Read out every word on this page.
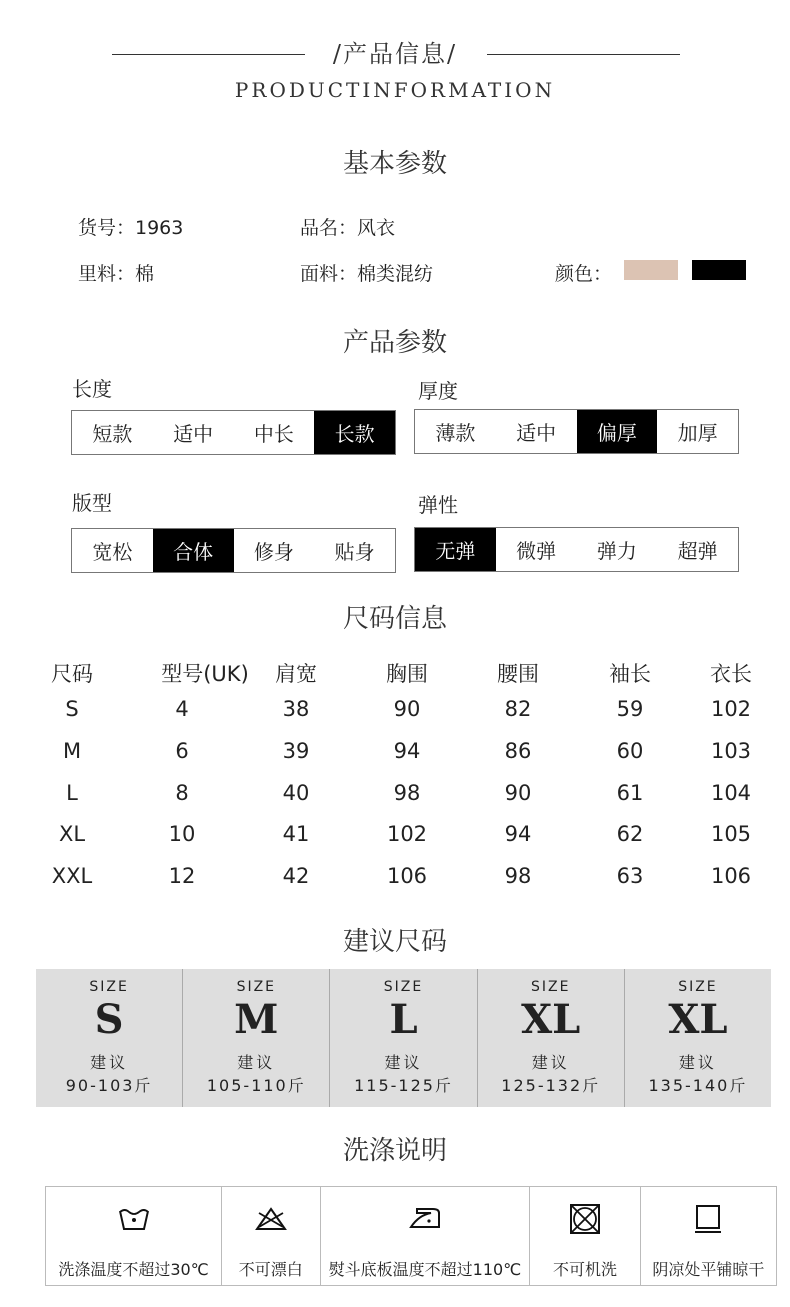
/产品信息/
PRODUCTINFORMATION
基本参数
货号：1963	品名：风衣
里料：棉	面料：棉类混纺	颜色：
产品参数
长度
短款	适中	中长	长款
厚度
薄款	适中	偏厚	加厚
版型
宽松	合体	修身	贴身
弹性
无弹	微弹	弹力	超弹
尺码信息
尺码	型号(UK)	肩宽	胸围	腰围	袖长	衣长
S	4	38	90	82	59	102
M	6	39	94	86	60	103
L	8	40	98	90	61	104
XL	10	41	102	94	62	105
XXL	12	42	106	98	63	106
建议尺码
SIZE
S
建议
90-103斤
SIZE
M
建议
105-110斤
SIZE
L
建议
115-125斤
SIZE
XL
建议
125-132斤
SIZE
XL
建议
135-140斤
洗涤说明
洗涤温度不超过30℃	不可漂白	熨斗底板温度不超过110℃	不可机洗	阴凉处平铺晾干
